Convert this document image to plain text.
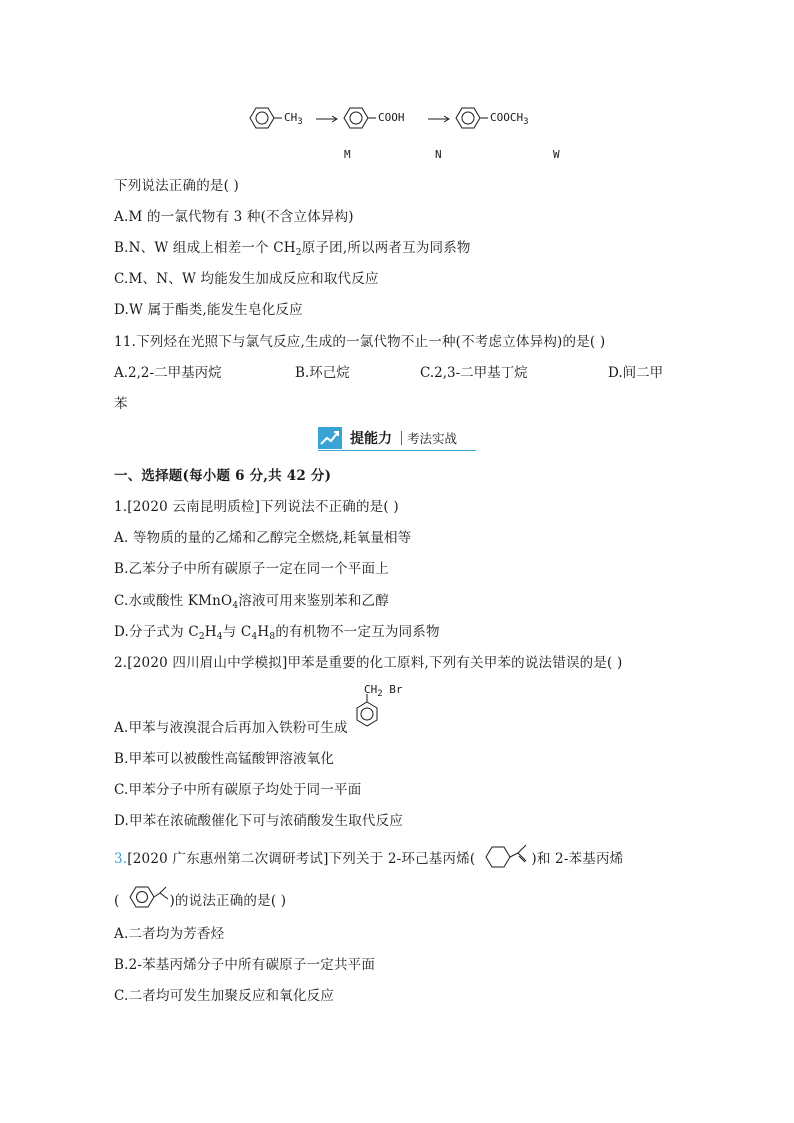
$CH_3$	COOH	$COOCH_3$
M	N	W
下列说法正确的是( )
A.M 的一氯代物有 3 种(不含立体异构)
B.N、W 组成上相差一个 $CH_2$原子团,所以两者互为同系物
C.M、N、W 均能发生加成反应和取代反应
D.W 属于酯类,能发生皂化反应
11.下列烃在光照下与氯气反应,生成的一氯代物不止一种(不考虑立体异构)的是( )
A.2,2-二甲基丙烷	B.环己烷	C.2,3-二甲基丁烷	D.间二甲
苯
提能力 考法实战
一、选择题(每小题 6 分,共 42 分)
1.[2020 云南昆明质检]下列说法不正确的是( )
A. 等物质的量的乙烯和乙醇完全燃烧,耗氧量相等
B.乙苯分子中所有碳原子一定在同一个平面上
C.水或酸性 KMnO$_4$溶液可用来鉴别苯和乙醇
D.分子式为 $C_2H_4$与 $C_4H_8$的有机物不一定互为同系物
2.[2020 四川眉山中学模拟]甲苯是重要的化工原料,下列有关甲苯的说法错误的是( )
$CH_2$ Br
A.甲苯与液溴混合后再加入铁粉可生成
B.甲苯可以被酸性高锰酸钾溶液氧化
C.甲苯分子中所有碳原子均处于同一平面
D.甲苯在浓硫酸催化下可与浓硝酸发生取代反应
3.[2020 广东惠州第二次调研考试]下列关于 2-环己基丙烯(	)和 2-苯基丙烯
(	)的说法正确的是( )
A.二者均为芳香烃
B.2-苯基丙烯分子中所有碳原子一定共平面
C.二者均可发生加聚反应和氧化反应
